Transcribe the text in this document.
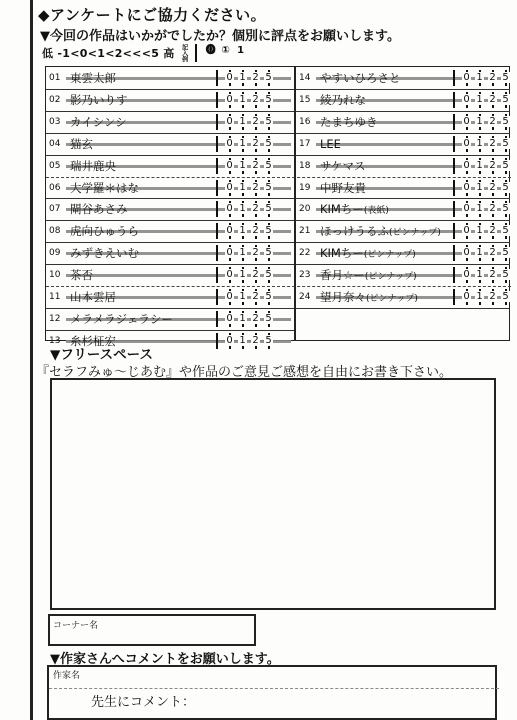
◆アンケートにご協力ください。
▼今回の作品はいかがでしたか？個別に評点をお願いします。
低 -1<0<1<2<<<5 高	記入例 ⓿ ① 1
01 東雲太郎	0 1 2 5
02 影乃いりす	0 1 2 5
03 カイシンシ	0 1 2 5
04 猫玄	0 1 2 5
05 瑞井鹿央	0 1 2 5
06 大学羅＊はな	0 1 2 5
07 閘谷あさみ	0 1 2 5
08 虎向ひゅうら	0 1 2 5
09 みずきえいむ	0 1 2 5
10 茶否	0 1 2 5
11 山本雲居	0 1 2 5
12 メラメラジェラシー	0 1 2 5
13 糸杉柾宏	0 1 2 5
14 やすいひろさと	0 1 2 5
15 綾乃れな	0 1 2 5
16 たまちゆき	0 1 2 5
17 LEE	0 1 2 5
18 サケマス	0 1 2 5
19 中野友貴	0 1 2 5
20 KIMちー(表紙)	0 1 2 5
21 ほっけうるふ(ピンナップ)	0 1 2 5
22 KIMちー(ピンナップ)	0 1 2 5
23 香月☆ー(ピンナップ)	0 1 2 5
24 望月奈々(ピンナップ)	0 1 2 5
▼フリースペース
『セラフみゅ～じあむ』や作品のご意見ご感想を自由にお書き下さい。
コーナー名
▼作家さんへコメントをお願いします。
作家名
先生にコメント：
